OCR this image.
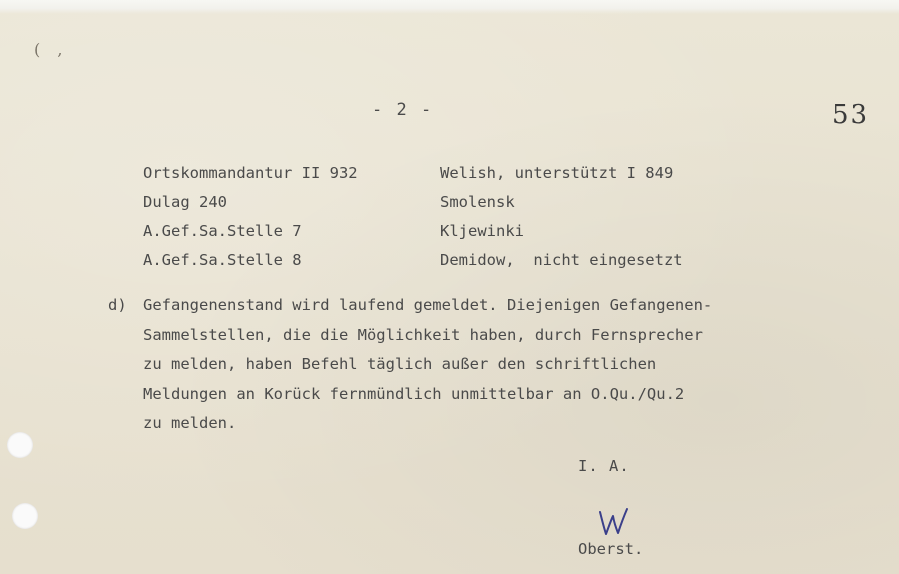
( ,
- 2 -	53

Ortskommandantur II 932

	Welish, unterstützt I 849

Dulag 240

	Smolensk

A.Gef.Sa.Stelle 7

	Kljewinki

A.Gef.Sa.Stelle 8

	Demidow,  nicht eingesetzt

d) Gefangenenstand wird laufend gemeldet. Diejenigen Gefangenen-
Sammelstellen, die die Möglichkeit haben, durch Fernsprecher
zu melden, haben Befehl täglich außer den schriftlichen
Meldungen an Korück fernmündlich unmittelbar an O.Qu./Qu.2
zu melden.
I. A.
Oberst.
